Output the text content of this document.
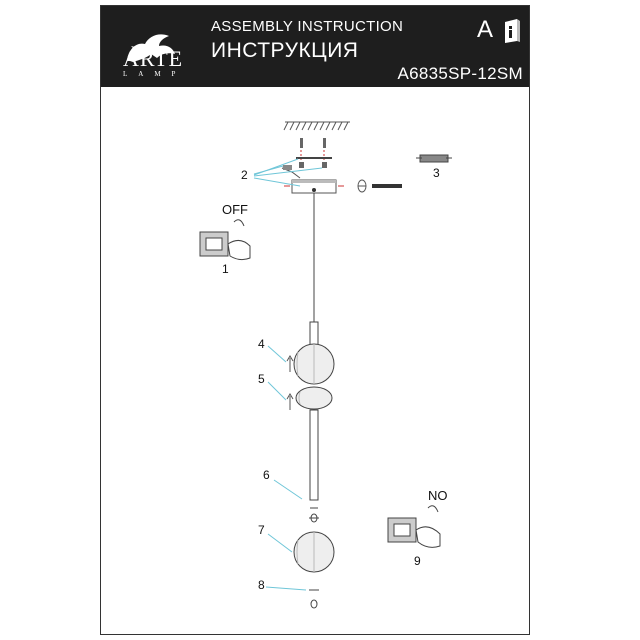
ARTE
LAMP
ASSEMBLY INSTRUCTION
ИНСТРУКЦИЯ
A
A6835SP-12SM
OFF
1
2	3
4
5
6
7
8
NO
9
